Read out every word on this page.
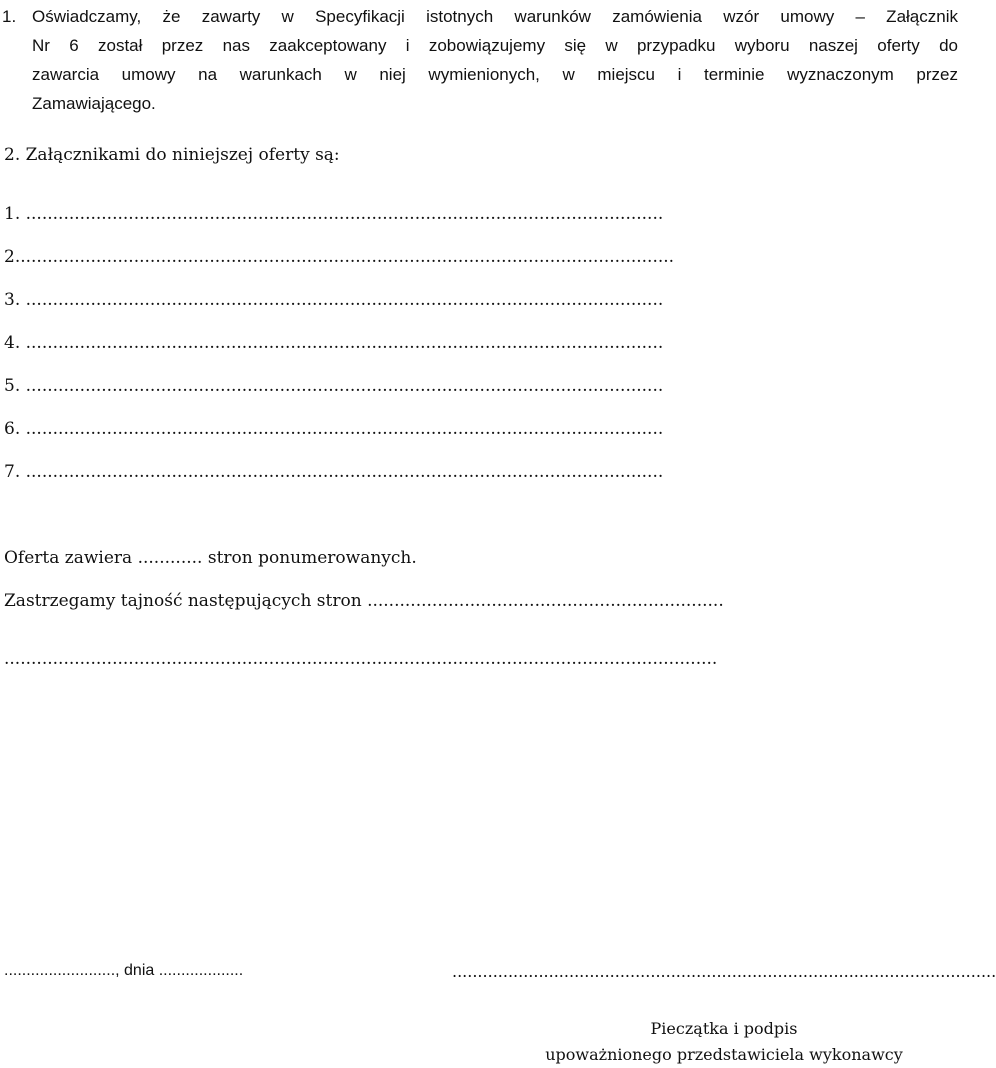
1. Oświadczamy, że zawarty w Specyfikacji istotnych warunków zamówienia wzór umowy – Załącznik
Nr 6 został przez nas zaakceptowany i zobowiązujemy się w przypadku wyboru naszej oferty do
zawarcia umowy na warunkach w niej wymienionych, w miejscu i terminie wyznaczonym przez
Zamawiającego.
2. Załącznikami do niniejszej oferty są:
1. ......................................................................................................................
2..........................................................................................................................
3. ......................................................................................................................
4. ......................................................................................................................
5. ......................................................................................................................
6. ......................................................................................................................
7. ......................................................................................................................
Oferta zawiera ............ stron ponumerowanych.
Zastrzegamy tajność następujących stron ..................................................................
....................................................................................................................................
........................., dnia ...................	...........................................................................................................
Pieczątka i podpis
upoważnionego przedstawiciela wykonawcy
